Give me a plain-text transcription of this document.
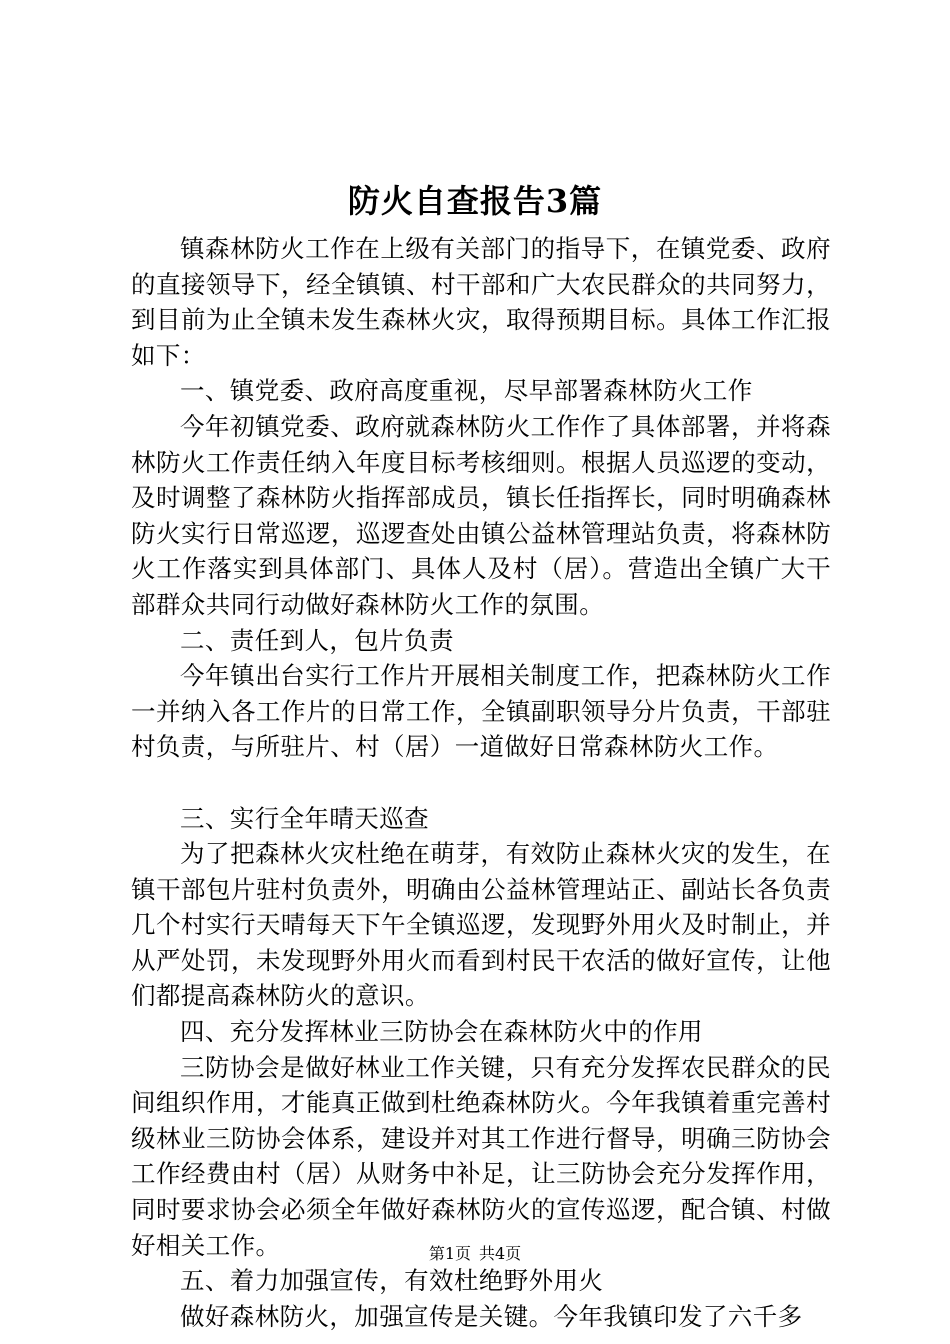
防火自查报告3篇

镇森林防火工作在上级有关部门的指导下，在镇党委、政府的直接领导下，经全镇镇、村干部和广大农民群众的共同努力，到目前为止全镇未发生森林火灾，取得预期目标。具体工作汇报如下：

一、镇党委、政府高度重视，尽早部署森林防火工作

今年初镇党委、政府就森林防火工作作了具体部署，并将森林防火工作责任纳入年度目标考核细则。根据人员巡逻的变动，及时调整了森林防火指挥部成员，镇长任指挥长，同时明确森林防火实行日常巡逻，巡逻查处由镇公益林管理站负责，将森林防火工作落实到具体部门、具体人及村（居）。营造出全镇广大干部群众共同行动做好森林防火工作的氛围。

二、责任到人，包片负责

今年镇出台实行工作片开展相关制度工作，把森林防火工作一并纳入各工作片的日常工作，全镇副职领导分片负责，干部驻村负责，与所驻片、村（居）一道做好日常森林防火工作。

三、实行全年晴天巡查

为了把森林火灾杜绝在萌芽，有效防止森林火灾的发生，在镇干部包片驻村负责外，明确由公益林管理站正、副站长各负责几个村实行天晴每天下午全镇巡逻，发现野外用火及时制止，并从严处罚，未发现野外用火而看到村民干农活的做好宣传，让他们都提高森林防火的意识。

四、充分发挥林业三防协会在森林防火中的作用

三防协会是做好林业工作关键，只有充分发挥农民群众的民间组织作用，才能真正做到杜绝森林防火。今年我镇着重完善村级林业三防协会体系，建设并对其工作进行督导，明确三防协会工作经费由村（居）从财务中补足，让三防协会充分发挥作用，同时要求协会必须全年做好森林防火的宣传巡逻，配合镇、村做好相关工作。

五、着力加强宣传，有效杜绝野外用火

做好森林防火，加强宣传是关键。今年我镇印发了六千多

第1页 共4页
